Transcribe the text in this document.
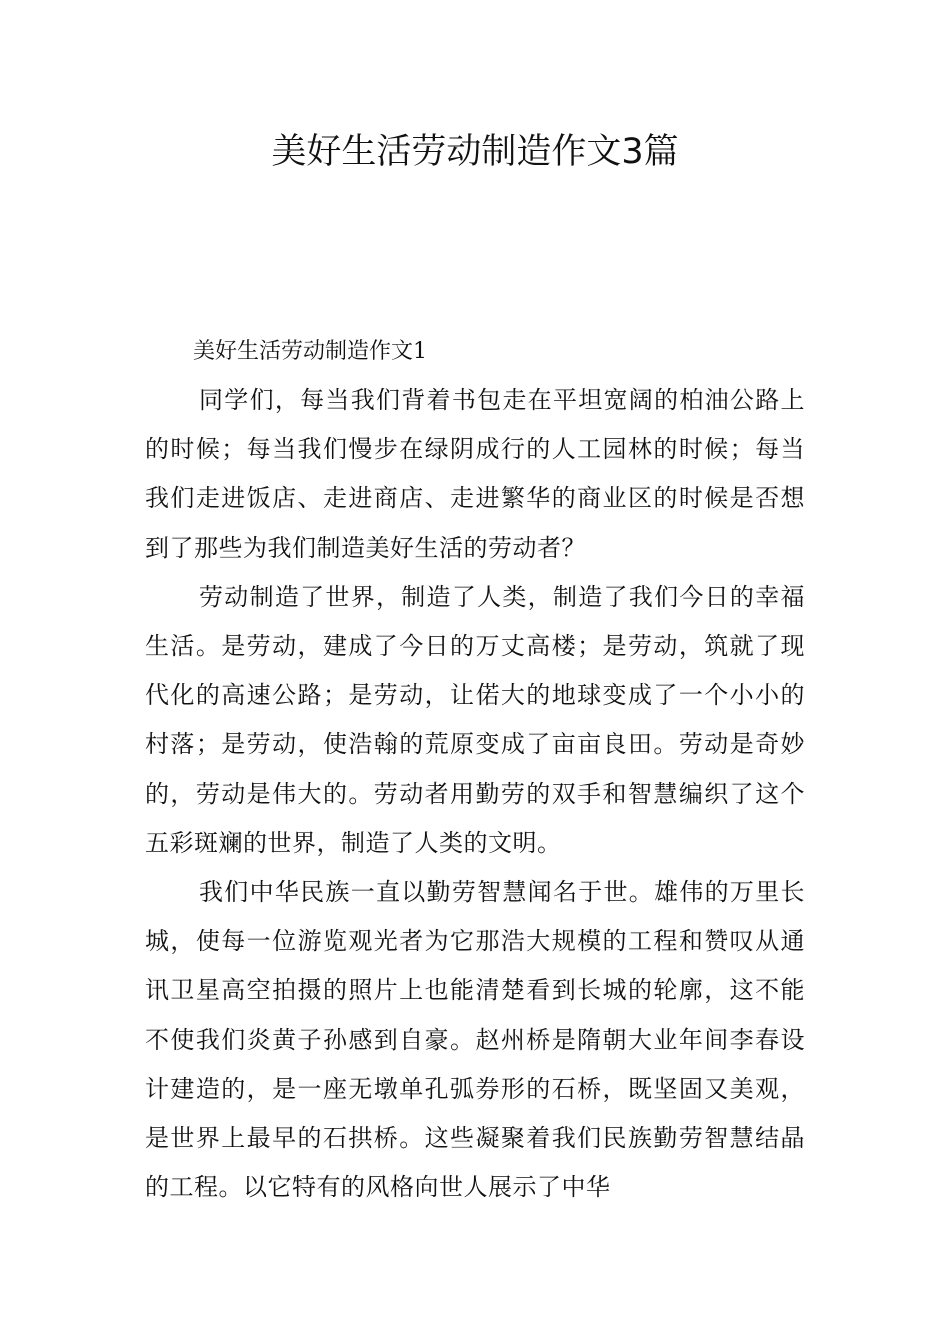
美好生活劳动制造作文3篇
美好生活劳动制造作文1

同学们，每当我们背着书包走在平坦宽阔的柏油公路上的时候；每当我们慢步在绿阴成行的人工园林的时候；每当我们走进饭店、走进商店、走进繁华的商业区的时候是否想到了那些为我们制造美好生活的劳动者？

劳动制造了世界，制造了人类，制造了我们今日的幸福生活。是劳动，建成了今日的万丈高楼；是劳动，筑就了现代化的高速公路；是劳动，让偌大的地球变成了一个小小的村落；是劳动，使浩翰的荒原变成了亩亩良田。劳动是奇妙的，劳动是伟大的。劳动者用勤劳的双手和智慧编织了这个五彩斑斓的世界，制造了人类的文明。

我们中华民族一直以勤劳智慧闻名于世。雄伟的万里长城，使每一位游览观光者为它那浩大规模的工程和赞叹从通讯卫星高空拍摄的照片上也能清楚看到长城的轮廓，这不能不使我们炎黄子孙感到自豪。赵州桥是隋朝大业年间李春设计建造的，是一座无墩单孔弧券形的石桥，既坚固又美观，是世界上最早的石拱桥。这些凝聚着我们民族勤劳智慧结晶的工程。以它特有的风格向世人展示了中华
